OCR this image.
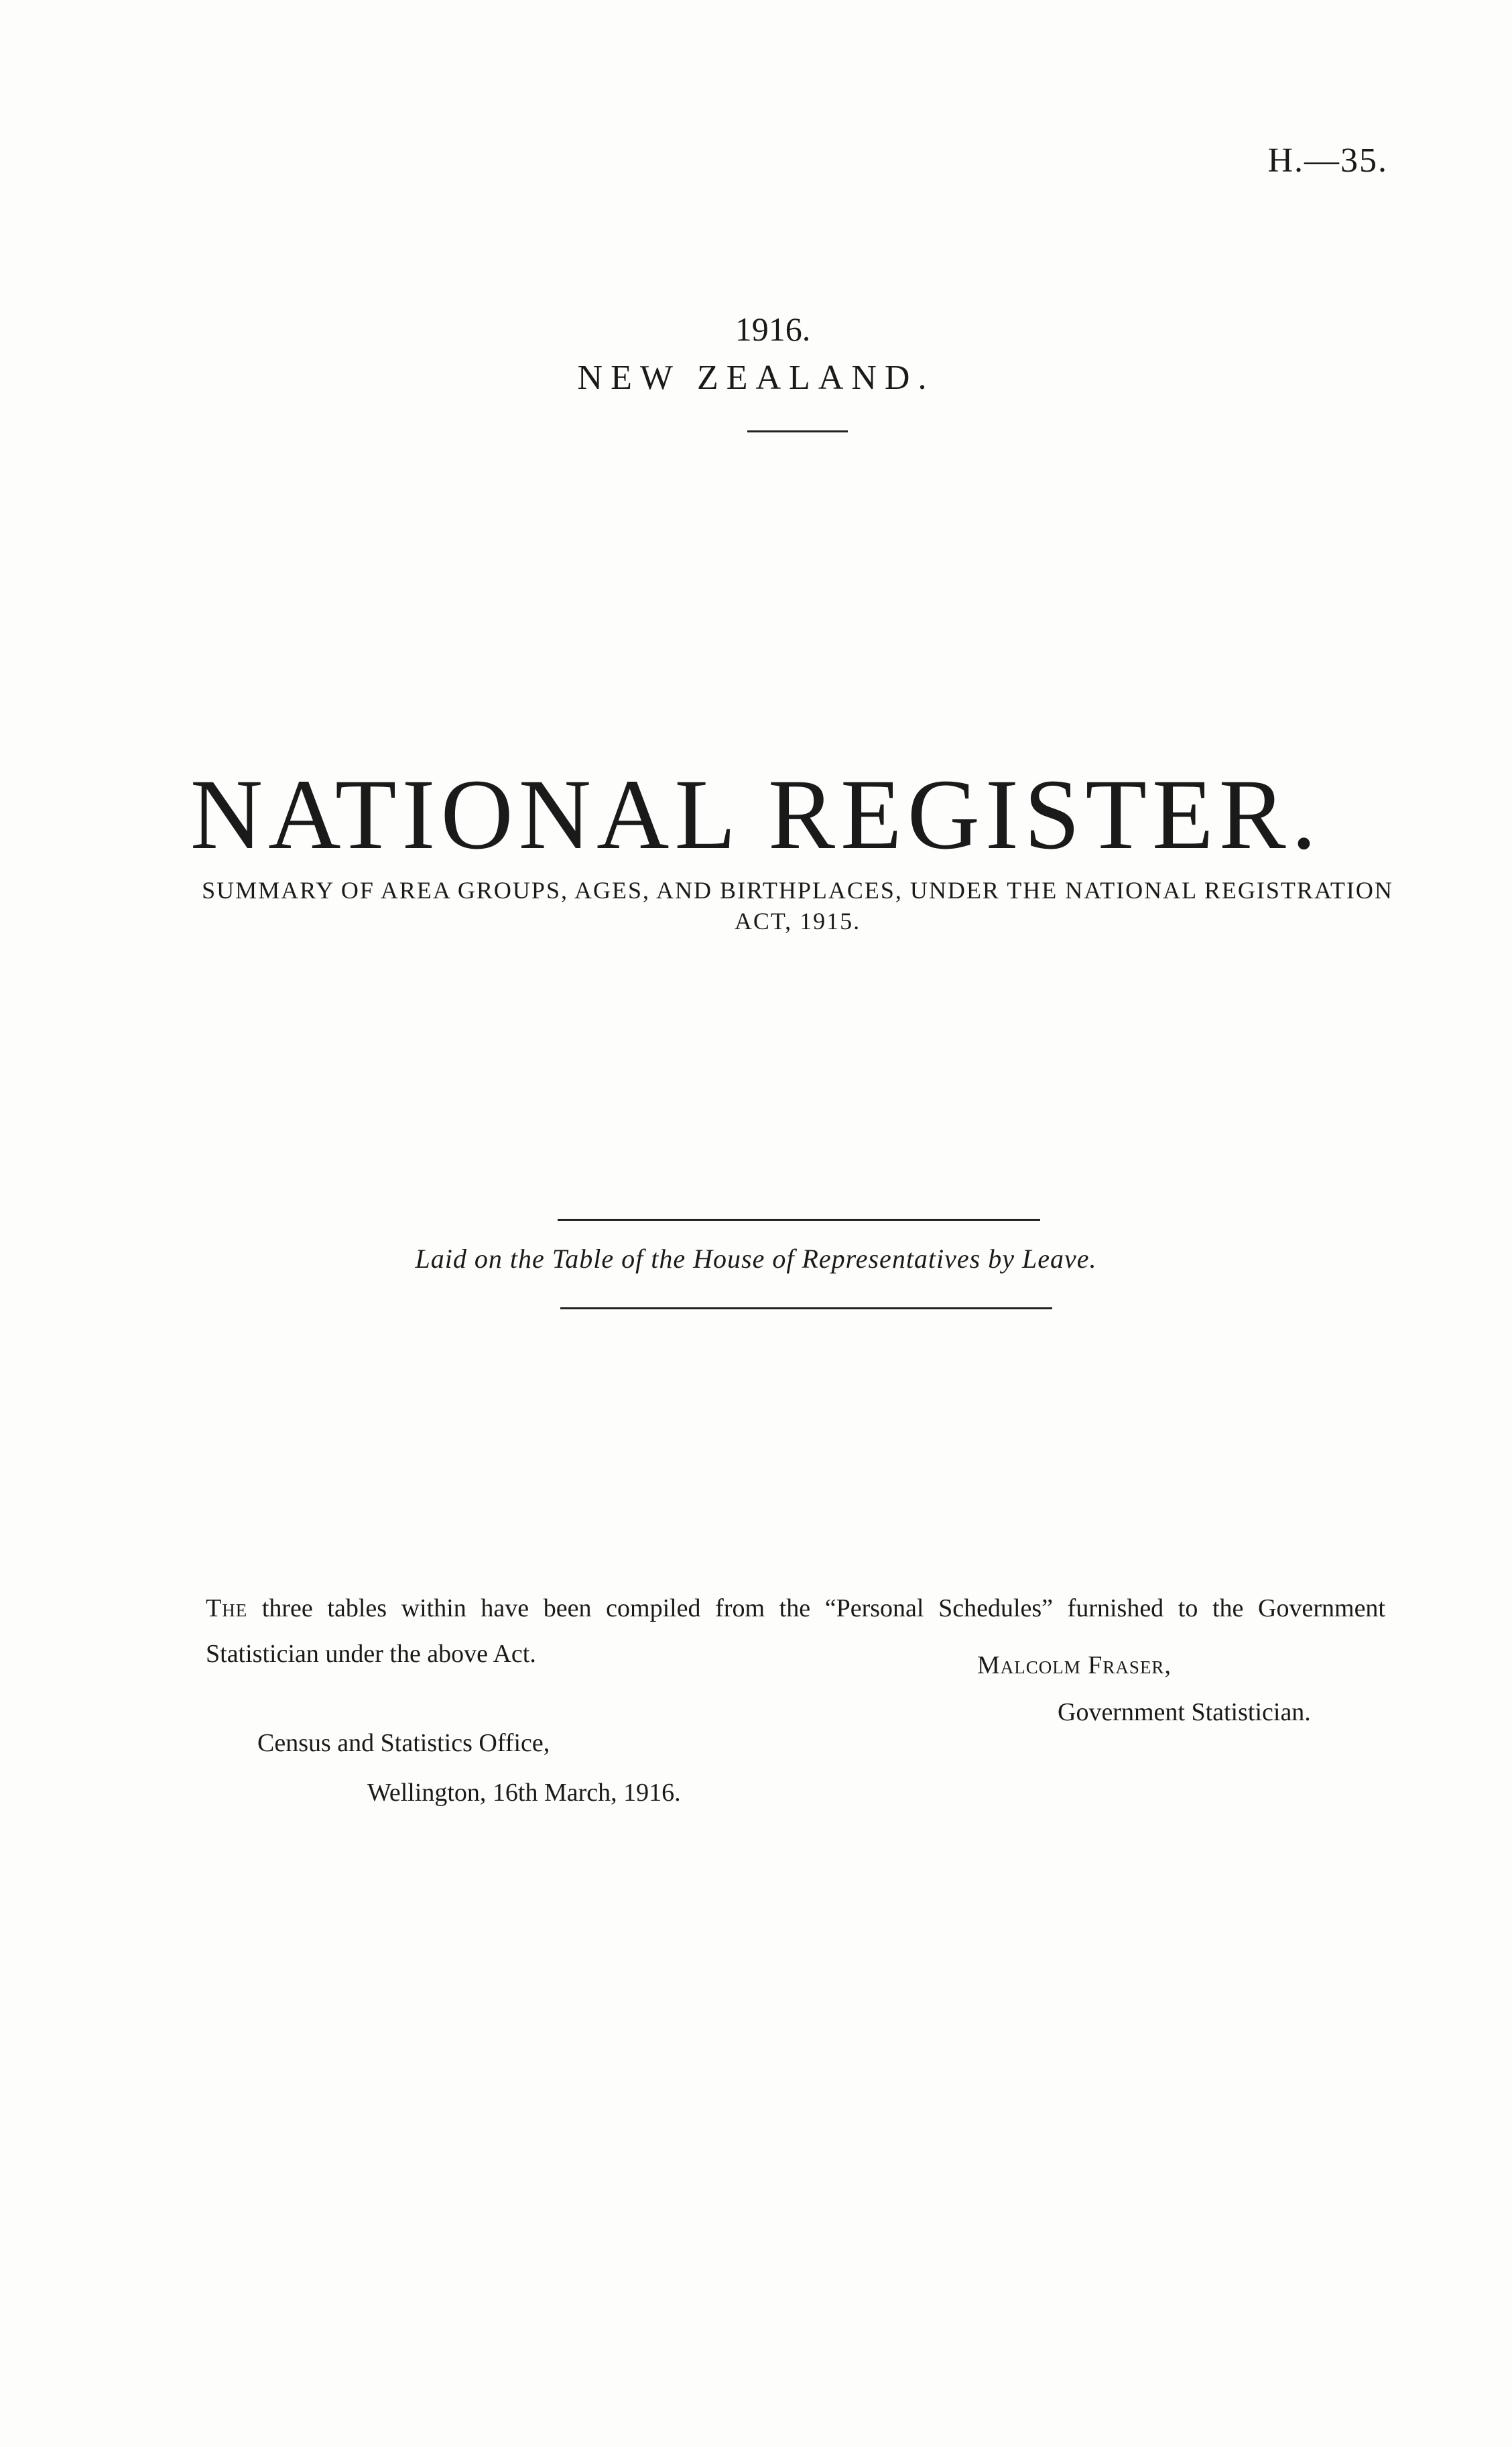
H.—35.
1916.
NEW ZEALAND.
NATIONAL REGISTER.
SUMMARY OF AREA GROUPS, AGES, AND BIRTHPLACES, UNDER THE NATIONAL REGISTRATION ACT, 1915.
Laid on the Table of the House of Representatives by Leave.
The three tables within have been compiled from the “Personal Schedules” furnished to the Government Statistician under the above Act.	Malcolm Fraser,
Government Statistician.
Census and Statistics Office,
Wellington, 16th March, 1916.
